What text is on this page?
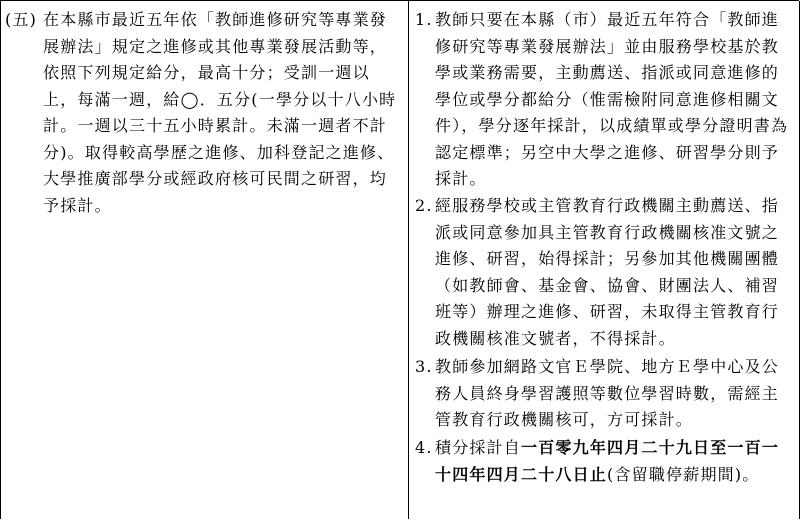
(五) 在本縣市最近五年依「教師進修研究等專業發展辦法」規定之進修或其他專業發展活動等，依照下列規定給分，最高十分；受訓一週以上，每滿一週，給◯．五分(一學分以十八小時計。一週以三十五小時累計。未滿一週者不計分)。取得較高學歷之進修、加科登記之進修、大學推廣部學分或經政府核可民間之研習，均予採計。
1. 教師只要在本縣（市）最近五年符合「教師進修研究等專業發展辦法」並由服務學校基於教學或業務需要，主動薦送、指派或同意進修的學位或學分都給分（惟需檢附同意進修相關文件），學分逐年採計，以成績單或學分證明書為認定標準；另空中大學之進修、研習學分則予採計。
2. 經服務學校或主管教育行政機關主動薦送、指派或同意參加具主管教育行政機關核准文號之進修、研習，始得採計；另參加其他機關團體（如教師會、基金會、協會、財團法人、補習班等）辦理之進修、研習，未取得主管教育行政機關核准文號者，不得採計。
3. 教師參加網路文官Ｅ學院、地方Ｅ學中心及公務人員終身學習護照等數位學習時數，需經主管教育行政機關核可，方可採計。
4. 積分採計自一百零九年四月二十九日至一百一十四年四月二十八日止(含留職停薪期間)。
